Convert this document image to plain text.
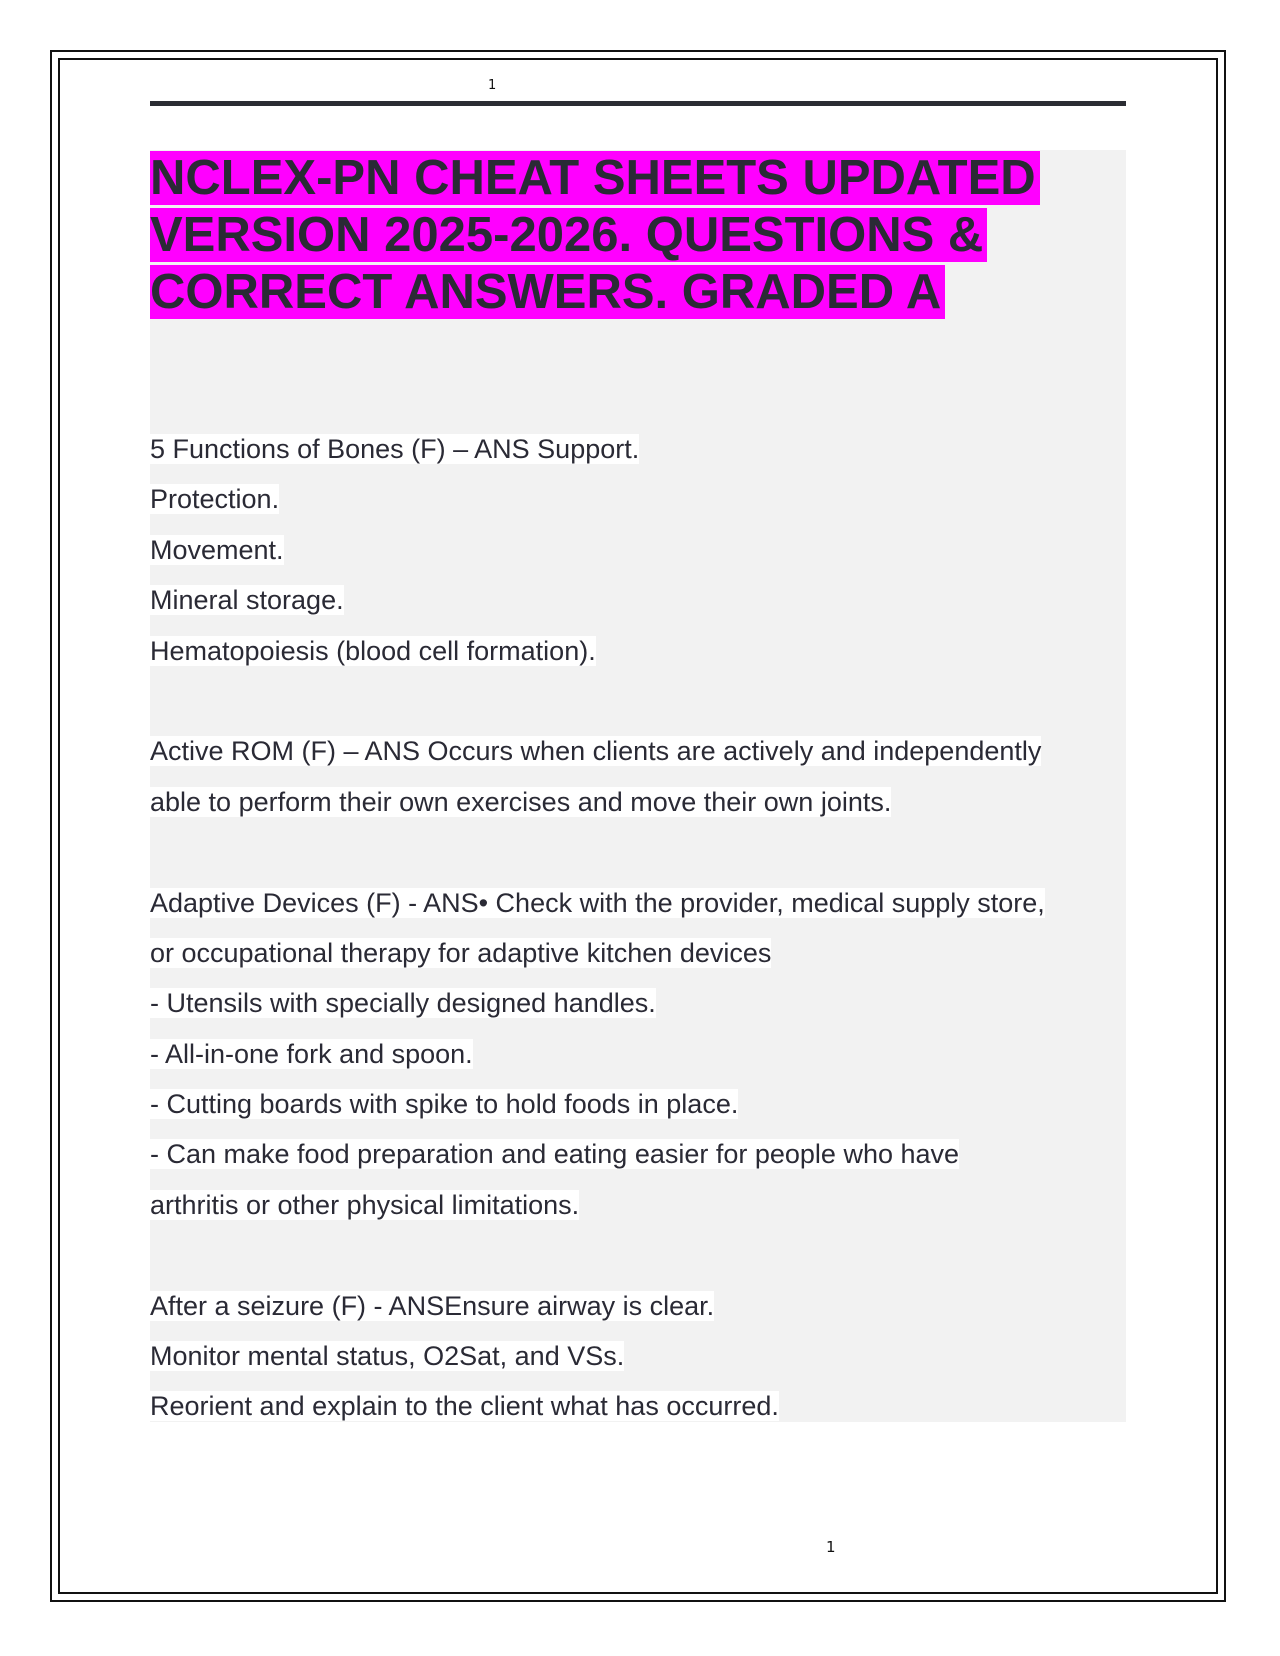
1
NCLEX-PN CHEAT SHEETS UPDATED
VERSION 2025-2026. QUESTIONS &
CORRECT ANSWERS. GRADED A
5 Functions of Bones (F) – ANS Support.
Protection.
Movement.
Mineral storage.
Hematopoiesis (blood cell formation).
Active ROM (F) – ANS Occurs when clients are actively and independently
able to perform their own exercises and move their own joints.
Adaptive Devices (F) - ANS• Check with the provider, medical supply store,
or occupational therapy for adaptive kitchen devices
- Utensils with specially designed handles.
- All-in-one fork and spoon.
- Cutting boards with spike to hold foods in place.
- Can make food preparation and eating easier for people who have
arthritis or other physical limitations.
After a seizure (F) - ANSEnsure airway is clear.
Monitor mental status, O2Sat, and VSs.
Reorient and explain to the client what has occurred.
1
